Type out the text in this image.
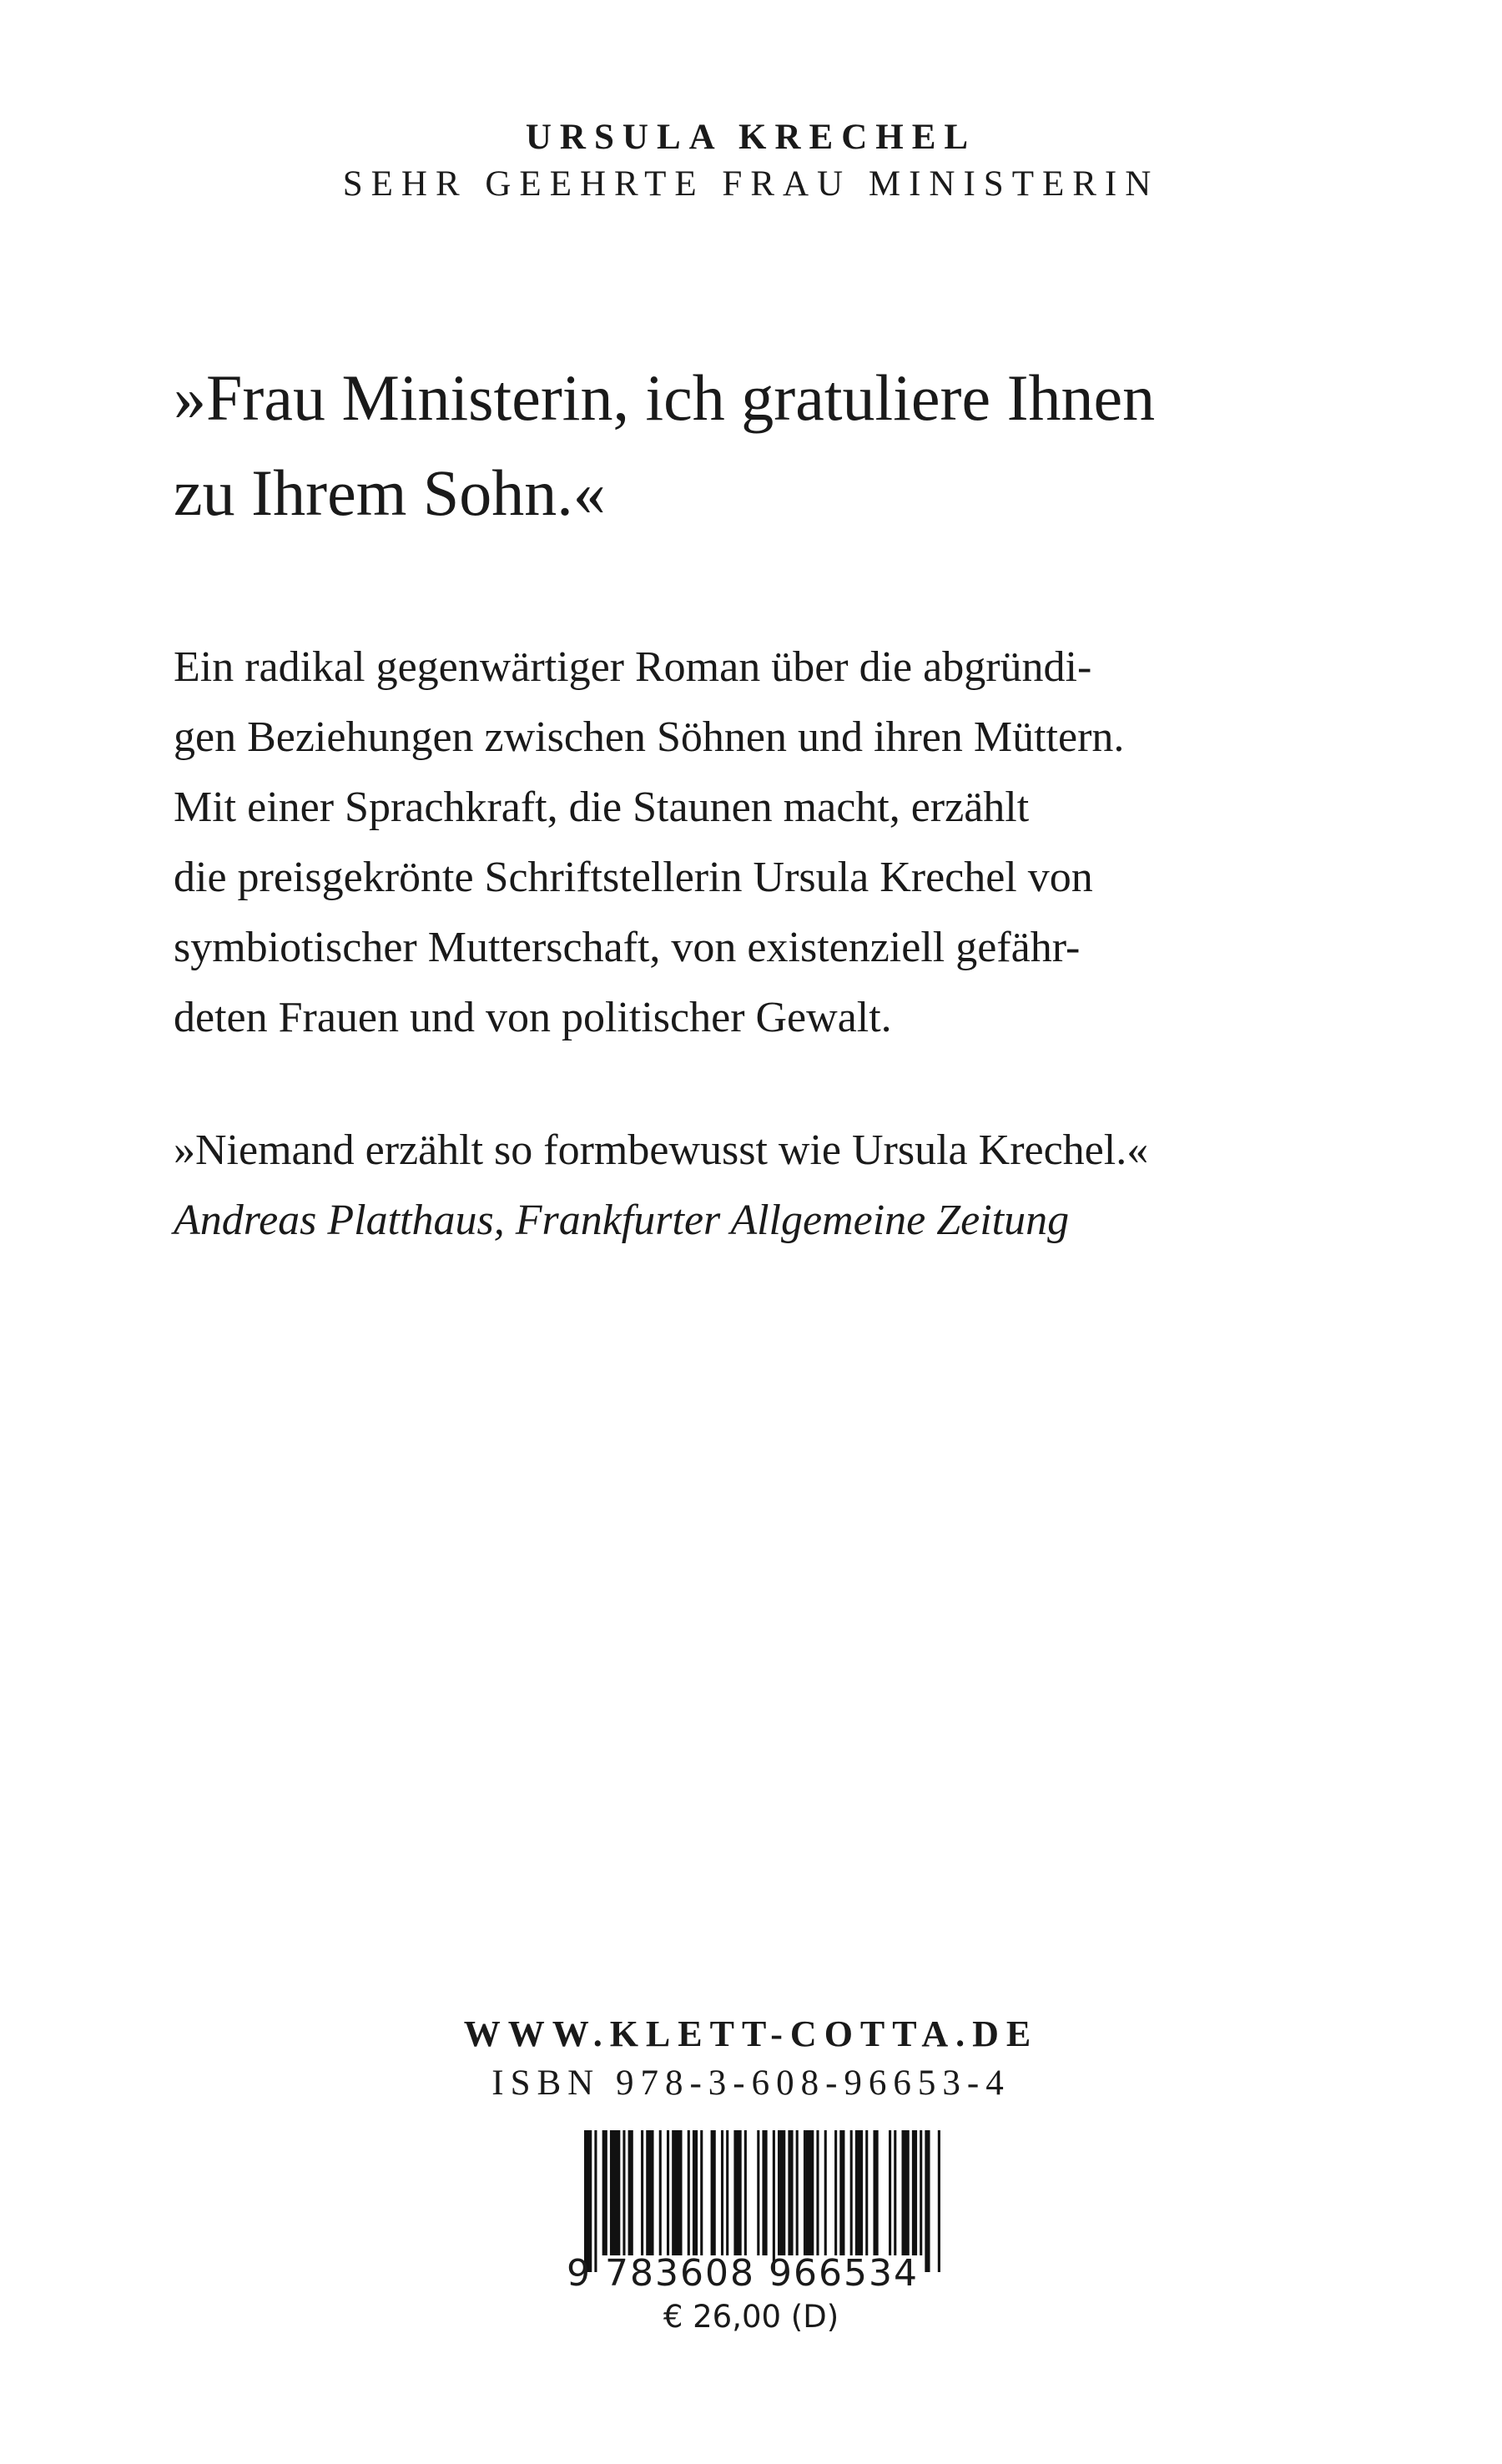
URSULA KRECHEL
SEHR GEEHRTE FRAU MINISTERIN
»Frau Ministerin, ich gratuliere Ihnen
zu Ihrem Sohn.«
Ein radikal gegenwärtiger Roman über die abgründi-
gen Beziehungen zwischen Söhnen und ihren Müttern.
Mit einer Sprachkraft, die Staunen macht, erzählt
die preisgekrönte Schriftstellerin Ursula Krechel von
symbiotischer Mutterschaft, von existenziell gefähr-
deten Frauen und von politischer Gewalt.
»Niemand erzählt so formbewusst wie Ursula Krechel.«
Andreas Platthaus, Frankfurter Allgemeine Zeitung
WWW.KLETT-COTTA.DE
ISBN 978-3-608-96653-4
9 783608 966534
€ 26,00 (D)
